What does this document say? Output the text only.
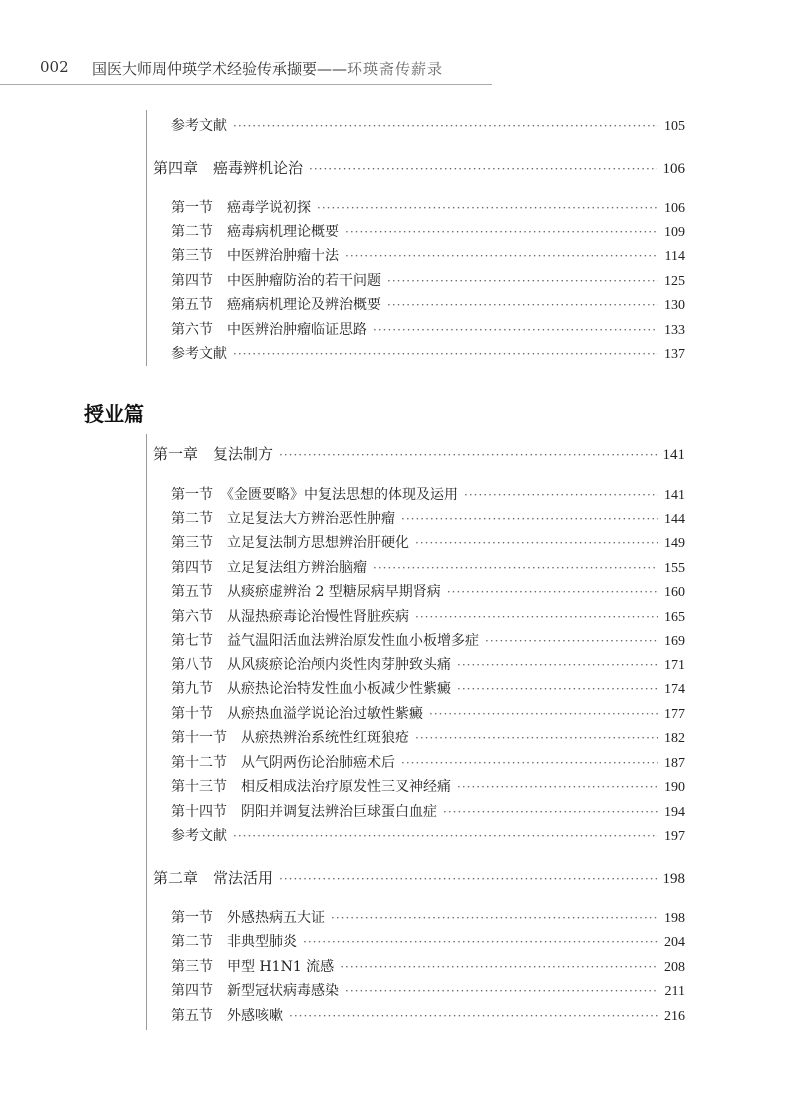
002 国医大师周仲瑛学术经验传承撷要——环瑛斋传薪录
参考文献 ·····	105
第四章　癌毒辨机论治 ·····	106
第一节　癌毒学说初探 ·····	106
第二节　癌毒病机理论概要 ·····	109
第三节　中医辨治肿瘤十法 ·····	114
第四节　中医肿瘤防治的若干问题 ·····	125
第五节　癌痛病机理论及辨治概要 ·····	130
第六节　中医辨治肿瘤临证思路 ·····	133
参考文献 ·····	137
授业篇
第一章　复法制方 ·····	141
第一节　《金匮要略》中复法思想的体现及运用 ·····	141
第二节　立足复法大方辨治恶性肿瘤 ·····	144
第三节　立足复法制方思想辨治肝硬化 ·····	149
第四节　立足复法组方辨治脑瘤 ·····	155
第五节　从痰瘀虚辨治 2 型糖尿病早期肾病 ·····	160
第六节　从湿热瘀毒论治慢性肾脏疾病 ·····	165
第七节　益气温阳活血法辨治原发性血小板增多症 ·····	169
第八节　从风痰瘀论治颅内炎性肉芽肿致头痛 ·····	171
第九节　从瘀热论治特发性血小板减少性紫癜 ·····	174
第十节　从瘀热血溢学说论治过敏性紫癜 ·····	177
第十一节　从瘀热辨治系统性红斑狼疮 ·····	182
第十二节　从气阴两伤论治肺癌术后 ·····	187
第十三节　相反相成法治疗原发性三叉神经痛 ·····	190
第十四节　阴阳并调复法辨治巨球蛋白血症 ·····	194
参考文献 ·····	197
第二章　常法活用 ·····	198
第一节　外感热病五大证 ·····	198
第二节　非典型肺炎 ·····	204
第三节　甲型 H1N1 流感 ·····	208
第四节　新型冠状病毒感染 ·····	211
第五节　外感咳嗽 ·····	216
